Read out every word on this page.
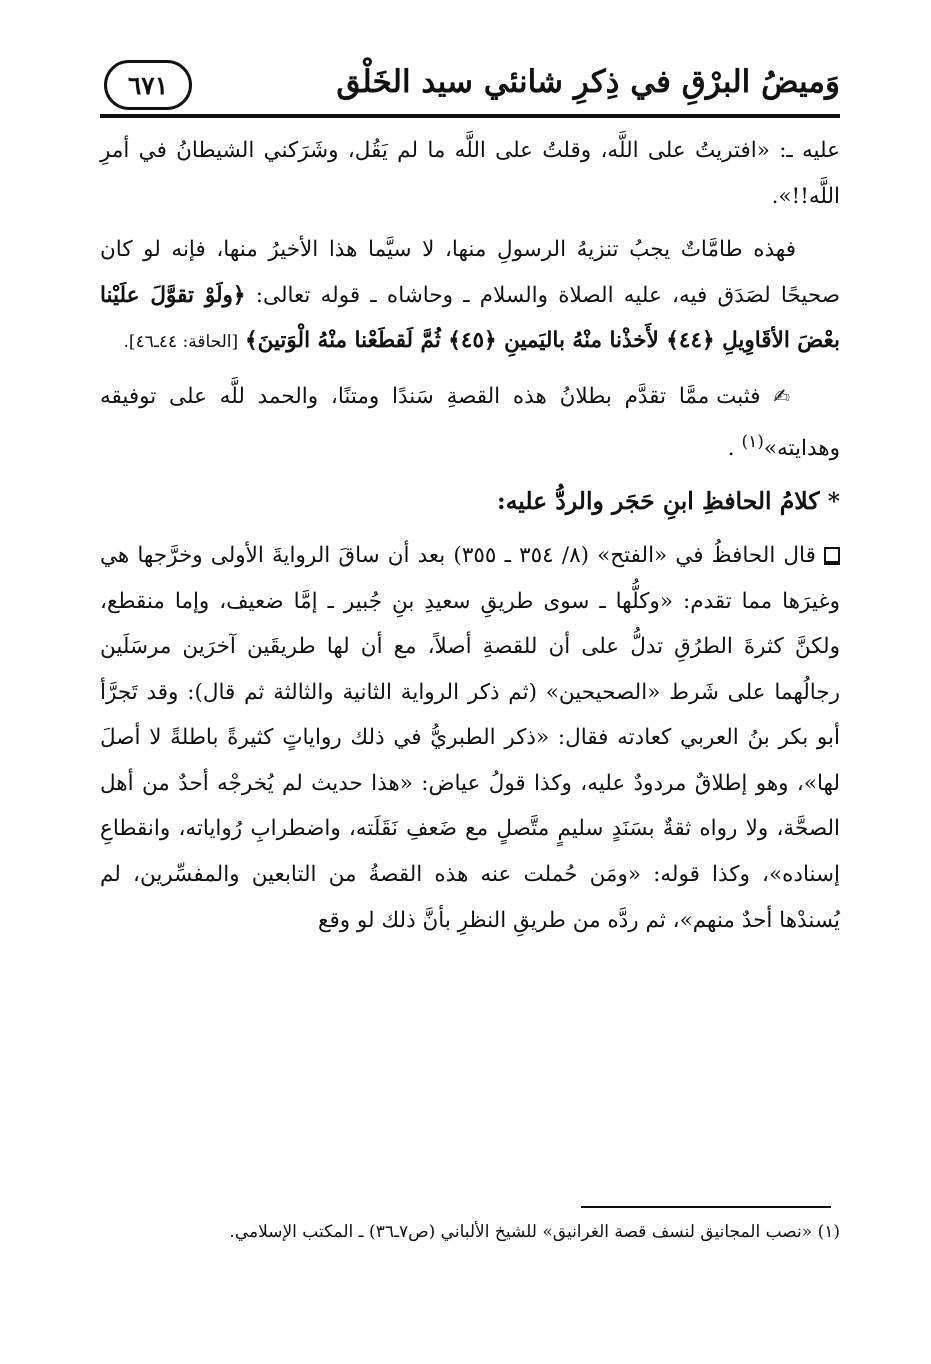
٦٧١	وَميضُ البرْقِ في ذِكرِ شانئي سيد الخَلْق

عليه ـ: «افتريتُ على اللَّه، وقلتُ على اللَّه ما لم يَقُل، وشَرَكني الشيطانُ في أمرِ اللَّه!!».

فهذه طامَّاتٌ يجبُ تنزيهُ الرسولِ منها، لا سيَّما هذا الأخيرُ منها، فإنه لو كان صحيحًا لصَدَق فيه، عليه الصلاة والسلام ـ وحاشاه ـ قوله تعالى: ﴿ولَوْ تقوَّلَ علَيْنا بعْضَ الأقَاوِيلِ ﴿٤٤﴾ لأَخذْنا منْهُ باليَمينِ ﴿٤٥﴾ ثُمَّ لَقطَعْنا منْهُ الْوَتينَ﴾ [الحاقة: ٤٤ـ٤٦].

✍ فثبت ممَّا تقدَّم بطلانُ هذه القصةِ سَندًا ومتنًا، والحمد للَّه على توفيقه وهدايته»$^{(١)}$ .

* كلامُ الحافظِ ابنِ حَجَر والردُّ عليه:

قال الحافظُ في «الفتح» (٨/ ٣٥٤ ـ ٣٥٥) بعد أن ساقَ الروايةَ الأولى وخرَّجها هي وغيرَها مما تقدم: «وكلُّها ـ سوى طريقِ سعيدِ بنِ جُبير ـ إمَّا ضعيف، وإما منقطع، ولكنَّ كثرةَ الطرُقِ تدلُّ على أن للقصةِ أصلاً، مع أن لها طريقَين آخرَين مرسَلَين رجالُهما على شَرط «الصحيحين» (ثم ذكر الرواية الثانية والثالثة ثم قال): وقد تَجرَّأ أبو بكر بنُ العربي كعادته فقال: «ذكر الطبريُّ في ذلك رواياتٍ كثيرةً باطلةً لا أصلَ لها»، وهو إطلاقٌ مردودٌ عليه، وكذا قولُ عياض: «هذا حديث لم يُخرجْه أحدٌ من أهل الصحَّة، ولا رواه ثقةٌ بسَنَدٍ سليمٍ متَّصلٍ مع ضَعفِ نَقَلَته، واضطرابِ رُواياته، وانقطاعِ إسناده»، وكذا قوله: «ومَن حُملت عنه هذه القصةُ من التابعين والمفسِّرين، لم يُسندْها أحدٌ منهم»، ثم ردَّه من طريقِ النظرِ بأنَّ ذلك لو وقع

(١) «نصب المجانيق لنسف قصة الغرانيق» للشيخ الألباني (ص٧ـ٣٦) ـ المكتب الإسلامي.
